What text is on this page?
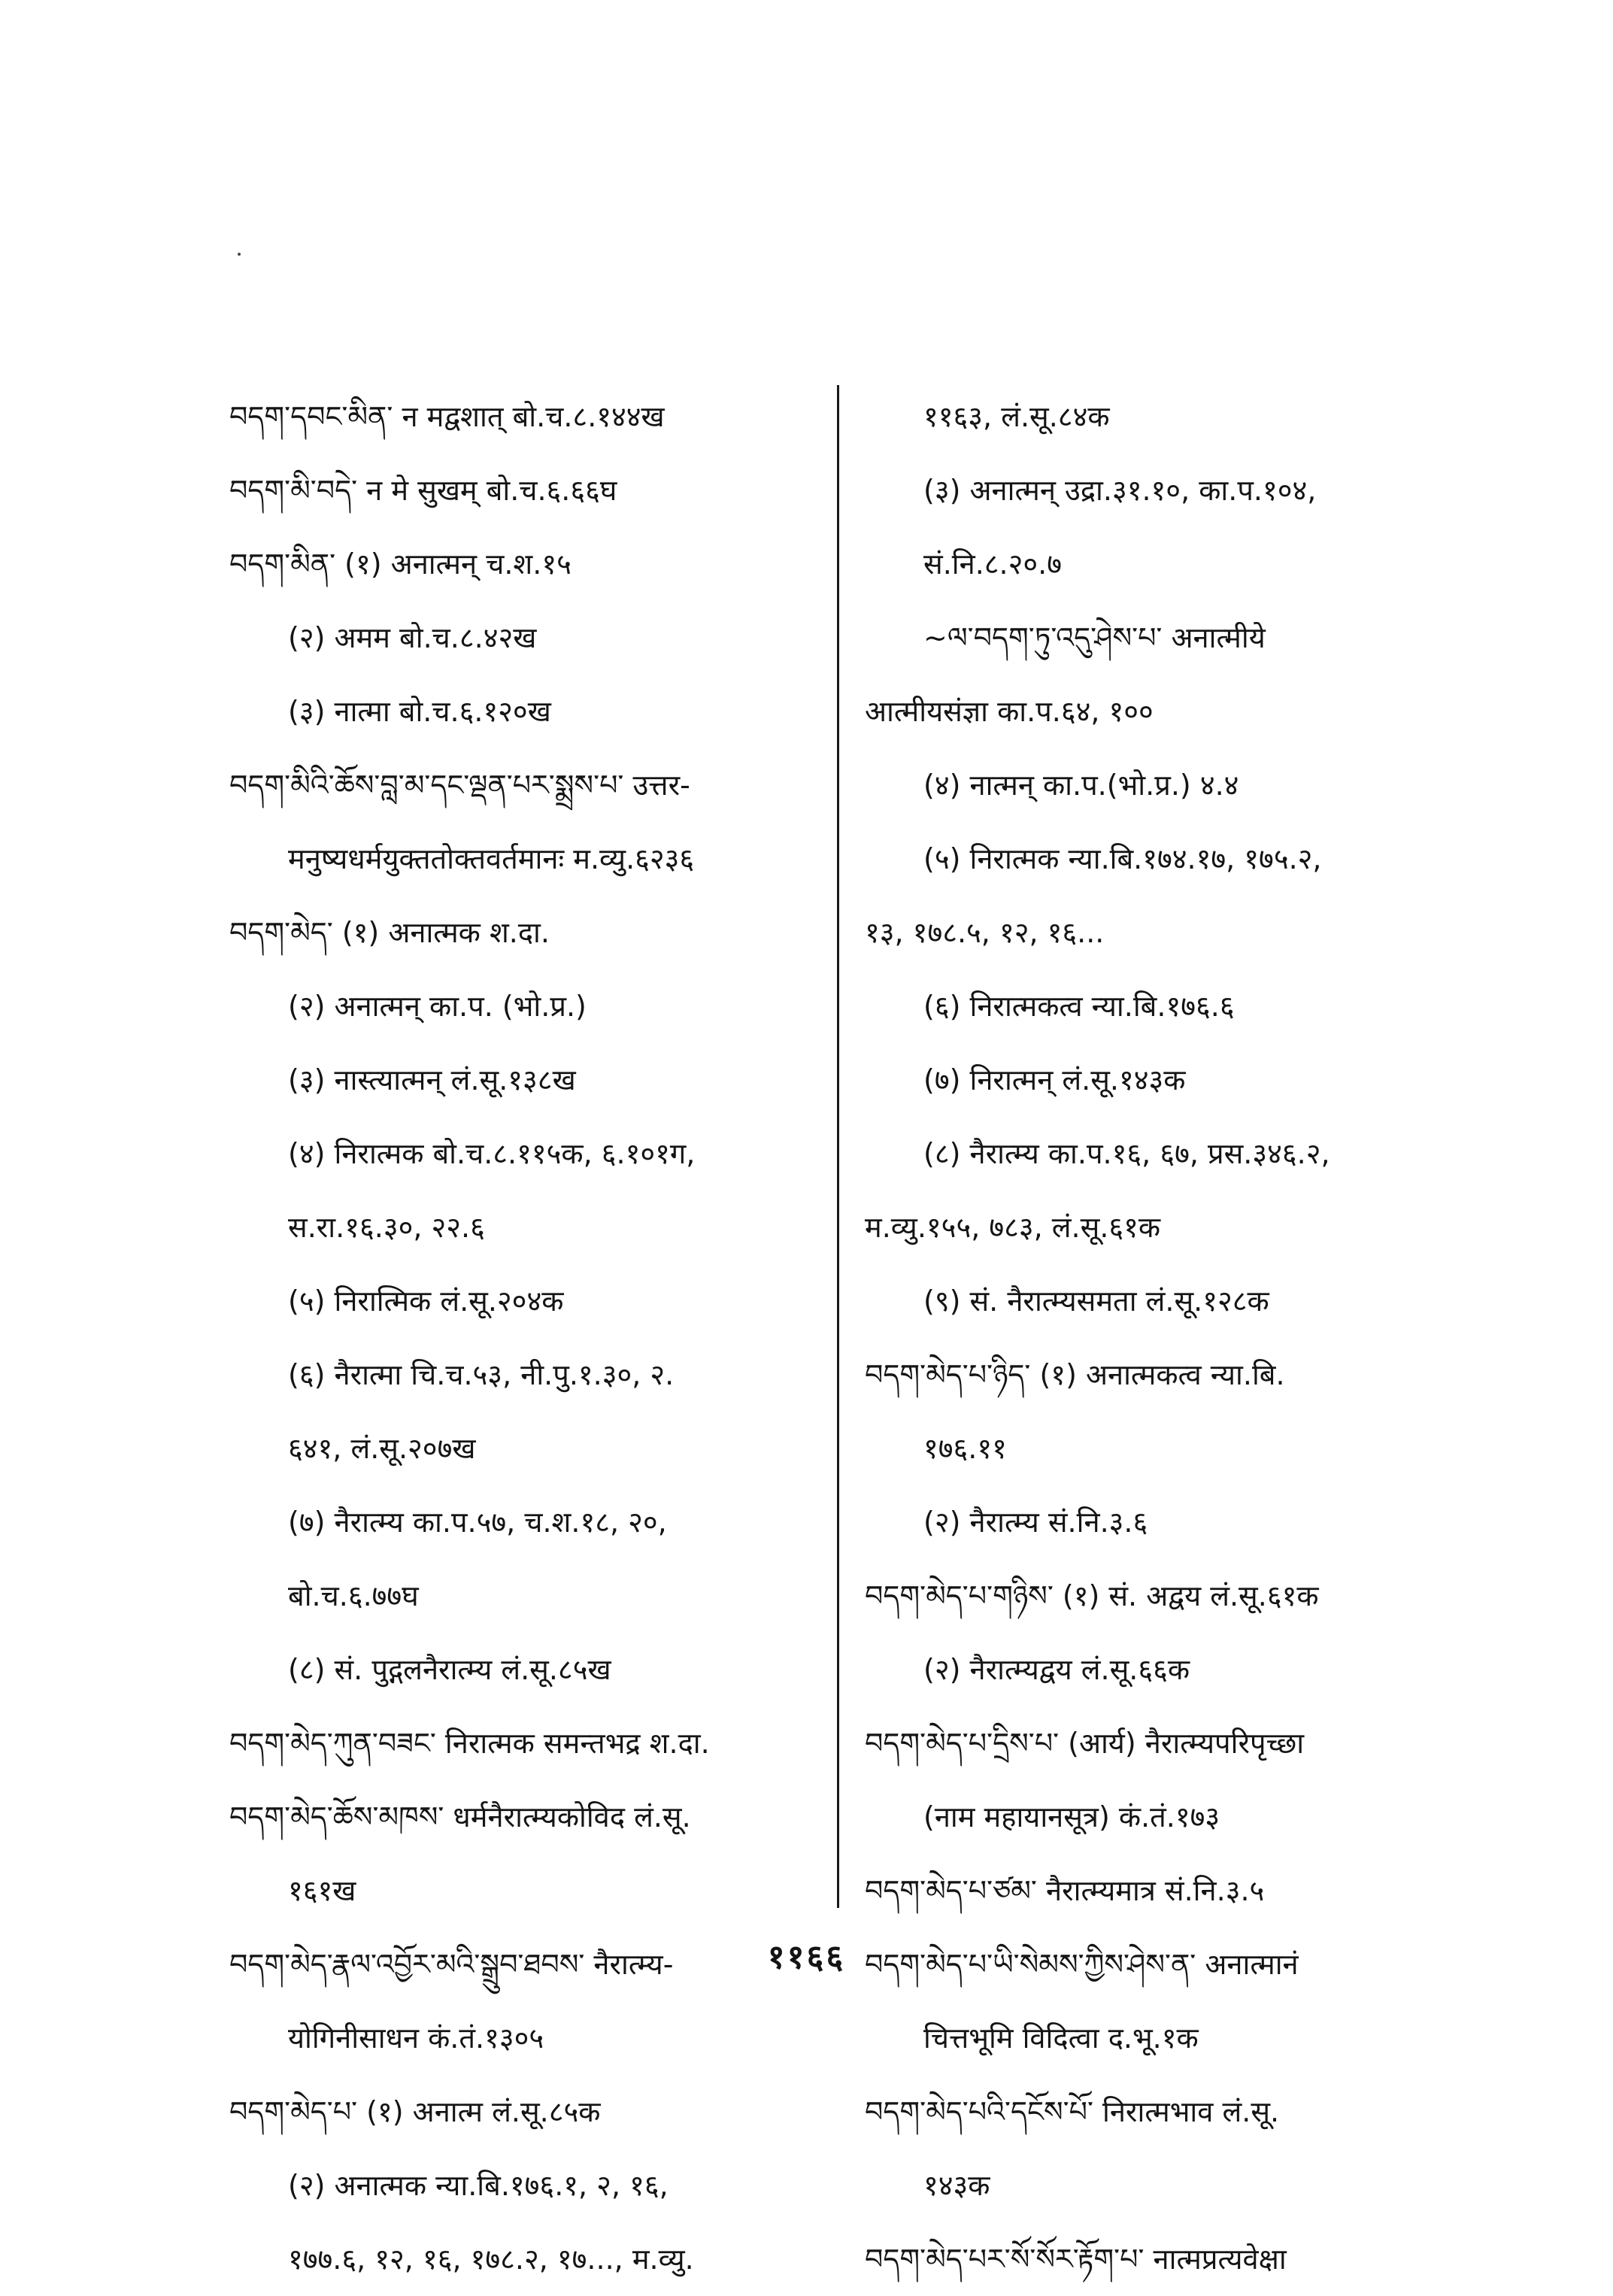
བདག་དབང་མིན་ न मद्वशात् बो.च.८.१४४ख
བདག་མི་བདེ་ न मे सुखम् बो.च.६.६६घ
བདག་མིན་ (१) अनात्मन् च.श.१५
(२) अमम बो.च.८.४२ख
(३) नात्मा बो.च.६.१२०ख
བདག་མིའི་ཆོས་བླ་མ་དང་ལྡན་པར་སྨྲས་པ་ उत्तर-
मनुष्यधर्मयुक्ततोक्तवर्तमानः म.व्यु.६२३६
བདག་མེད་ (१) अनात्मक श.दा.
(२) अनात्मन् का.प. (भो.प्र.)
(३) नास्त्यात्मन् लं.सू.१३८ख
(४) निरात्मक बो.च.८.११५क, ६.१०१ग,
स.रा.१६.३०, २२.६
(५) निरात्मिक लं.सू.२०४क
(६) नैरात्मा चि.च.५३, नी.पु.१.३०, २.
६४१, लं.सू.२०७ख
(७) नैरात्म्य का.प.५७, च.श.१८, २०,
बो.च.६.७७घ
(८) सं. पुद्गलनैरात्म्य लं.सू.८५ख
བདག་མེད་ཀུན་བཟང་ निरात्मक समन्तभद्र श.दा.
བདག་མེད་ཆོས་མཁས་ धर्मनैरात्म्यकोविद लं.सू.
१६१ख
བདག་མེད་རྣལ་འབྱོར་མའི་སྒྲུབ་ཐབས་ नैरात्म्य-
योगिनीसाधन कं.तं.१३०५
བདག་མེད་པ་ (१) अनात्म लं.सू.८५क
(२) अनात्मक न्या.बि.१७६.१, २, १६,
१७७.६, १२, १६, १७८.२, १७..., म.व्यु.
११६३, लं.सू.८४क
(३) अनात्मन् उद्रा.३१.१०, का.प.१०४,
सं.नि.८.२०.७
~ལ་བདག་ཏུ་འདུ་ཤེས་པ་ अनात्मीये
आत्मीयसंज्ञा का.प.६४, १००
(४) नात्मन् का.प.(भो.प्र.) ४.४
(५) निरात्मक न्या.बि.१७४.१७, १७५.२,
१३, १७८.५, १२, १६...
(६) निरात्मकत्व न्या.बि.१७६.६
(७) निरात्मन् लं.सू.१४३क
(८) नैरात्म्य का.प.१६, ६७, प्रस.३४६.२,
म.व्यु.१५५, ७८३, लं.सू.६१क
(९) सं. नैरात्म्यसमता लं.सू.१२८क
བདག་མེད་པ་ཉིད་ (१) अनात्मकत्व न्या.बि.
१७६.११
(२) नैरात्म्य सं.नि.३.६
བདག་མེད་པ་གཉིས་ (१) सं. अद्वय लं.सू.६१क
(२) नैरात्म्यद्वय लं.सू.६६क
བདག་མེད་པ་དྲིས་པ་ (आर्य) नैरात्म्यपरिपृच्छा
(नाम महायानसूत्र) कं.तं.१७३
བདག་མེད་པ་ཙམ་ नैरात्म्यमात्र सं.नि.३.५
བདག་མེད་པ་ཡི་སེམས་ཀྱིས་ཤེས་ན་ अनात्मानं
चित्तभूमि विदित्वा द.भू.१क
བདག་མེད་པའི་དངོས་པོ་ निरात्मभाव लं.सू.
१४३क
བདག་མེད་པར་སོ་སོར་རྟོག་པ་ नात्मप्रत्यवेक्षा
११६६
